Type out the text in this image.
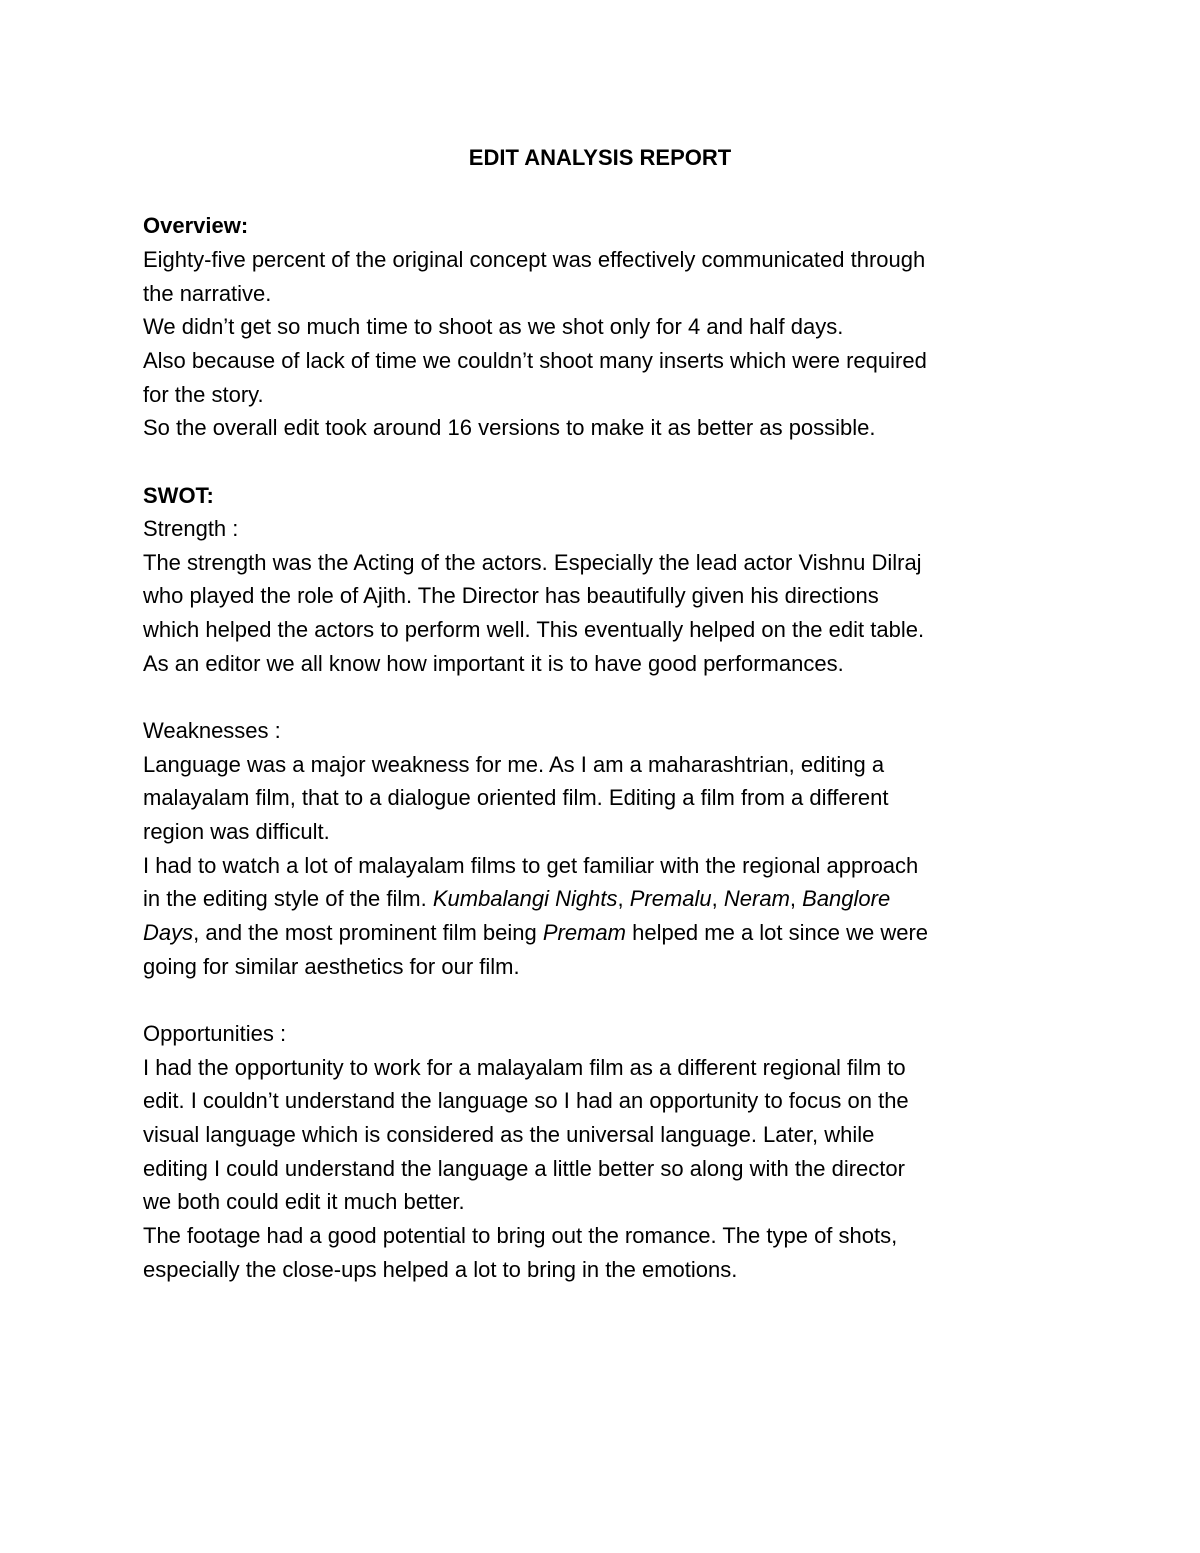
EDIT ANALYSIS REPORT
Overview:
Eighty-five percent of the original concept was effectively communicated through
the narrative.
We didn’t get so much time to shoot as we shot only for 4 and half days.
Also because of lack of time we couldn’t shoot many inserts which were required
for the story.
So the overall edit took around 16 versions to make it as better as possible.
SWOT:
Strength :
The strength was the Acting of the actors. Especially the lead actor Vishnu Dilraj
who played the role of Ajith. The Director has beautifully given his directions
which helped the actors to perform well. This eventually helped on the edit table.
As an editor we all know how important it is to have good performances.
Weaknesses :
Language was a major weakness for me. As I am a maharashtrian, editing a
malayalam film, that to a dialogue oriented film. Editing a film from a different
region was difficult.
I had to watch a lot of malayalam films to get familiar with the regional approach
in the editing style of the film. Kumbalangi Nights, Premalu, Neram, Banglore
Days, and the most prominent film being Premam helped me a lot since we were
going for similar aesthetics for our film.
Opportunities :
I had the opportunity to work for a malayalam film as a different regional film to
edit. I couldn’t understand the language so I had an opportunity to focus on the
visual language which is considered as the universal language. Later, while
editing I could understand the language a little better so along with the director
we both could edit it much better.
The footage had a good potential to bring out the romance. The type of shots,
especially the close-ups helped a lot to bring in the emotions.
